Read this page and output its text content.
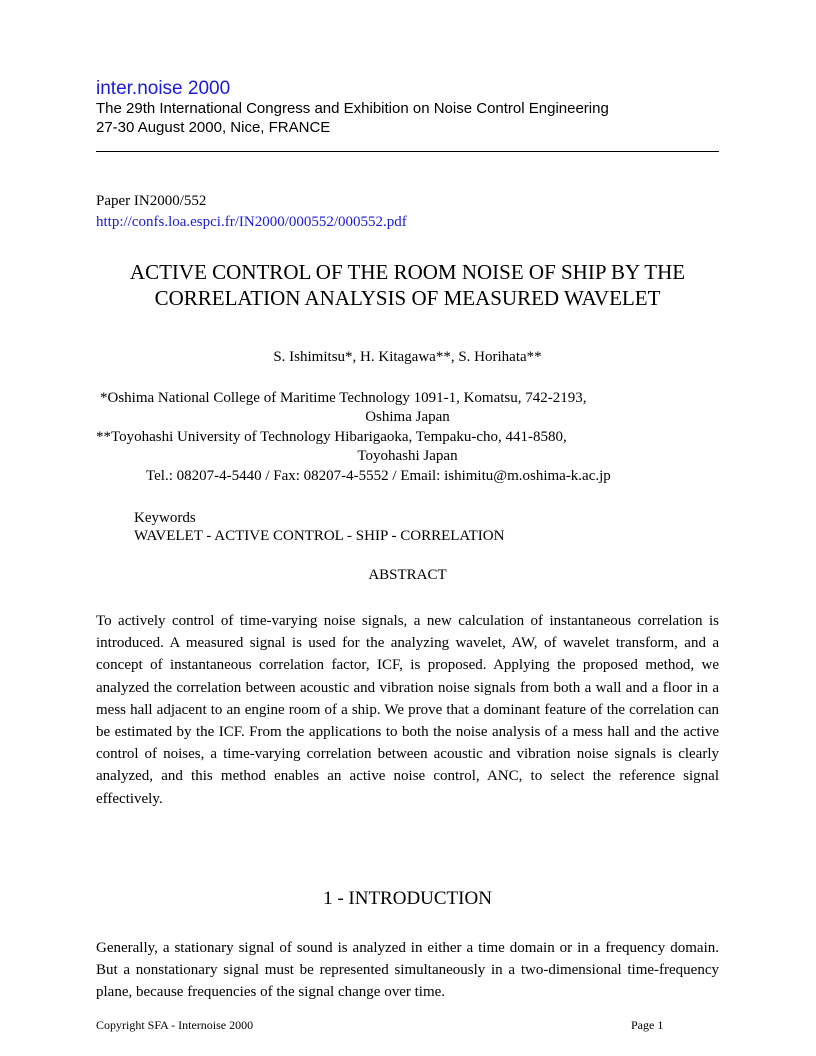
inter.noise 2000
The 29th International Congress and Exhibition on Noise Control Engineering
27-30 August 2000, Nice, FRANCE
Paper IN2000/552
http://confs.loa.espci.fr/IN2000/000552/000552.pdf
ACTIVE CONTROL OF THE ROOM NOISE OF SHIP BY THE CORRELATION ANALYSIS OF MEASURED WAVELET
S. Ishimitsu*, H. Kitagawa**, S. Horihata**
*Oshima National College of Maritime Technology 1091-1, Komatsu, 742-2193,
Oshima Japan
**Toyohashi University of Technology Hibarigaoka, Tempaku-cho, 441-8580,
Toyohashi Japan
Tel.: 08207-4-5440 / Fax: 08207-4-5552 / Email: ishimitu@m.oshima-k.ac.jp
Keywords
WAVELET - ACTIVE CONTROL - SHIP - CORRELATION
ABSTRACT
To actively control of time-varying noise signals, a new calculation of instantaneous correlation is introduced. A measured signal is used for the analyzing wavelet, AW, of wavelet transform, and a concept of instantaneous correlation factor, ICF, is proposed. Applying the proposed method, we analyzed the correlation between acoustic and vibration noise signals from both a wall and a floor in a mess hall adjacent to an engine room of a ship. We prove that a dominant feature of the correlation can be estimated by the ICF. From the applications to both the noise analysis of a mess hall and the active control of noises, a time-varying correlation between acoustic and vibration noise signals is clearly analyzed, and this method enables an active noise control, ANC, to select the reference signal effectively.
1 - INTRODUCTION
Generally, a stationary signal of sound is analyzed in either a time domain or in a frequency domain. But a nonstationary signal must be represented simultaneously in a two-dimensional time-frequency plane, because frequencies of the signal change over time.
Copyright SFA - Internoise 2000	Page 1
